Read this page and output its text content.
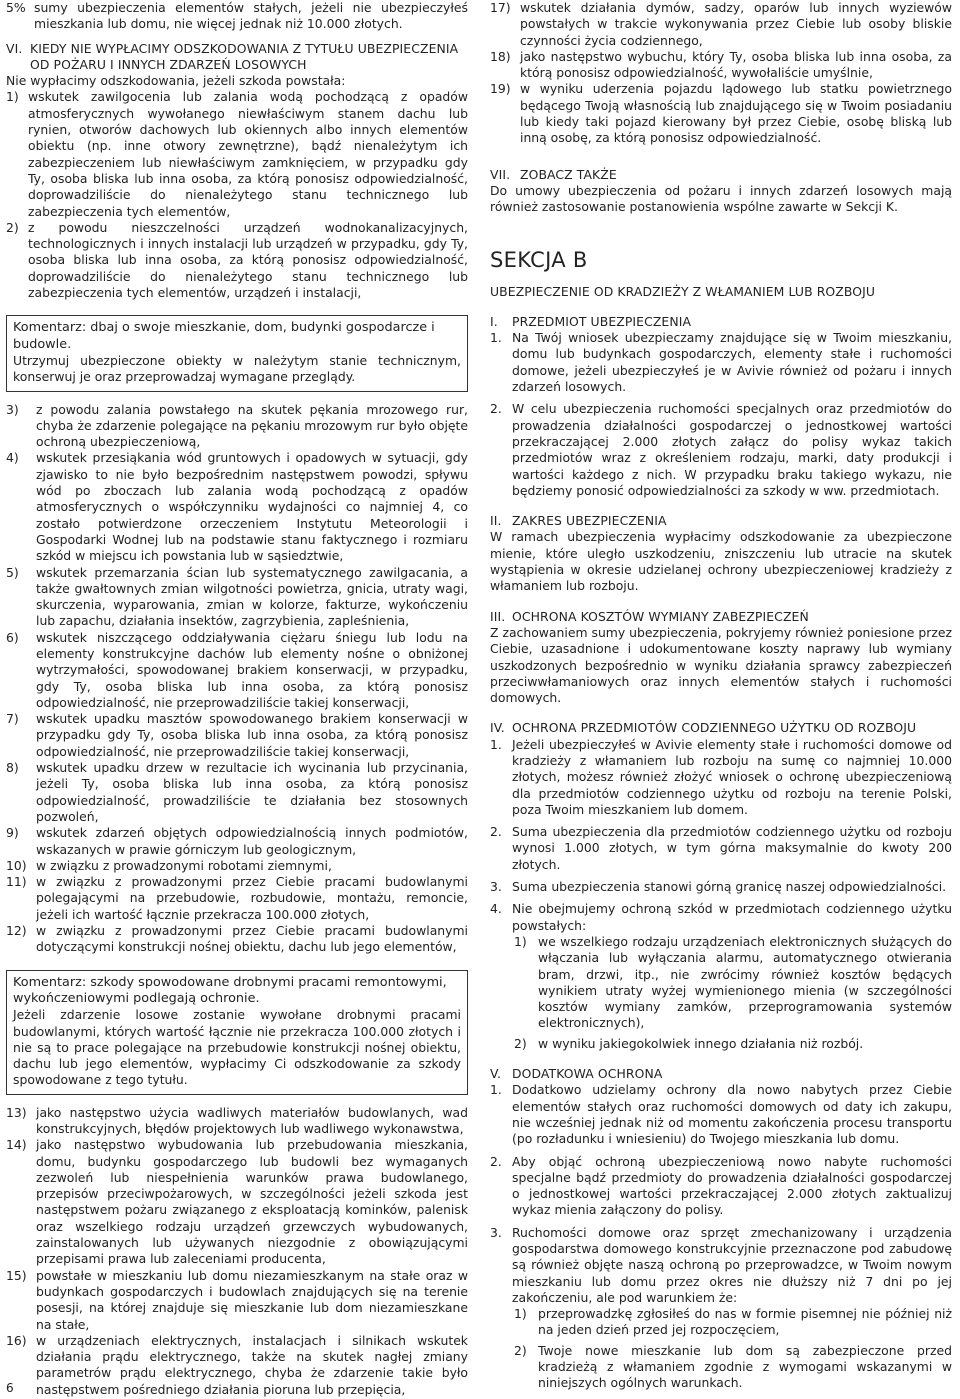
5% sumy ubezpieczenia elementów stałych, jeżeli nie ubezpieczyłeś mieszkania lub domu, nie więcej jednak niż 10.000 złotych.
VI. KIEDY NIE WYPŁACIMY ODSZKODOWANIA Z TYTUŁU UBEZPIECZENIA OD POŻARU I INNYCH ZDARZEŃ LOSOWYCH

Nie wypłacimy odszkodowania, jeżeli szkoda powstała:

1) wskutek zawilgocenia lub zalania wodą pochodzącą z opadów atmosferycznych wywołanego niewłaściwym stanem dachu lub rynien, otworów dachowych lub okiennych albo innych elementów obiektu (np. inne otwory zewnętrzne), bądź nienależytym ich zabezpieczeniem lub niewłaściwym zamknięciem, w przypadku gdy Ty, osoba bliska lub inna osoba, za którą ponosisz odpowiedzialność, doprowadziliście do nienależytego stanu technicznego lub zabezpieczenia tych elementów,
2) z powodu nieszczelności urządzeń wodnokanalizacyjnych, technologicznych i innych instalacji lub urządzeń w przypadku, gdy Ty, osoba bliska lub inna osoba, za którą ponosisz odpowiedzialność, doprowadziliście do nienależytego stanu technicznego lub zabezpieczenia tych elementów, urządzeń i instalacji,
Komentarz: dbaj o swoje mieszkanie, dom, budynki gospodarcze i budowle.

Utrzymuj ubezpieczone obiekty w należytym stanie technicznym, konserwuj je oraz przeprowadzaj wymagane przeglądy.

3)	z powodu zalania powstałego na skutek pękania mrozowego rur, chyba że zdarzenie polegające na pękaniu mrozowym rur było objęte ochroną ubezpieczeniową,
4)	wskutek przesiąkania wód gruntowych i opadowych w sytuacji, gdy zjawisko to nie było bezpośrednim następstwem powodzi, spływu wód po zboczach lub zalania wodą pochodzącą z opadów atmosferycznych o współczynniku wydajności co najmniej 4, co zostało potwierdzone orzeczeniem Instytutu Meteorologii i Gospodarki Wodnej lub na podstawie stanu faktycznego i rozmiaru szkód w miejscu ich powstania lub w sąsiedztwie,
5)	wskutek przemarzania ścian lub systematycznego zawilgacania, a także gwałtownych zmian wilgotności powietrza, gnicia, utraty wagi, skurczenia, wyparowania, zmian w kolorze, fakturze, wykończeniu lub zapachu, działania insektów, zagrzybienia, zapleśnienia,
6)	wskutek niszczącego oddziaływania ciężaru śniegu lub lodu na elementy konstrukcyjne dachów lub elementy nośne o obniżonej wytrzymałości, spowodowanej brakiem konserwacji, w przypadku, gdy Ty, osoba bliska lub inna osoba, za którą ponosisz odpowiedzialność, nie przeprowadziliście takiej konserwacji,
7)	wskutek upadku masztów spowodowanego brakiem konserwacji w przypadku gdy Ty, osoba bliska lub inna osoba, za którą ponosisz odpowiedzialność, nie przeprowadziliście takiej konserwacji,
8)	wskutek upadku drzew w rezultacie ich wycinania lub przycinania, jeżeli Ty, osoba bliska lub inna osoba, za którą ponosisz odpowiedzialność, prowadziliście te działania bez stosownych pozwoleń,
9)	wskutek zdarzeń objętych odpowiedzialnością innych podmiotów, wskazanych w prawie górniczym lub geologicznym,
10) w związku z prowadzonymi robotami ziemnymi,
11) w związku z prowadzonymi przez Ciebie pracami budowlanymi polegającymi na przebudowie, rozbudowie, montażu, remoncie, jeżeli ich wartość łącznie przekracza 100.000 złotych,
12) w związku z prowadzonymi przez Ciebie pracami budowlanymi dotyczącymi konstrukcji nośnej obiektu, dachu lub jego elementów,
Komentarz: szkody spowodowane drobnymi pracami remontowymi, wykończeniowymi podlegają ochronie.

Jeżeli zdarzenie losowe zostanie wywołane drobnymi pracami budowlanymi, których wartość łącznie nie przekracza 100.000 złotych i nie są to prace polegające na przebudowie konstrukcji nośnej obiektu, dachu lub jego elementów, wypłacimy Ci odszkodowanie za szkody spowodowane z tego tytułu.

13) jako następstwo użycia wadliwych materiałów budowlanych, wad konstrukcyjnych, błędów projektowych lub wadliwego wykonawstwa,
14) jako następstwo wybudowania lub przebudowania mieszkania, domu, budynku gospodarczego lub budowli bez wymaganych zezwoleń lub niespełnienia warunków prawa budowlanego, przepisów przeciwpożarowych, w szczególności jeżeli szkoda jest następstwem pożaru związanego z eksploatacją kominków, palenisk oraz wszelkiego rodzaju urządzeń grzewczych wybudowanych, zainstalowanych lub używanych niezgodnie z obowiązującymi przepisami prawa lub zaleceniami producenta,
15) powstałe w mieszkaniu lub domu niezamieszkanym na stałe oraz w budynkach gospodarczych i budowlach znajdujących się na terenie posesji, na której znajduje się mieszkanie lub dom niezamieszkane na stałe,
16) w urządzeniach elektrycznych, instalacjach i silnikach wskutek działania prądu elektrycznego, także na skutek nagłej zmiany parametrów prądu elektrycznego, chyba że zdarzenie takie było następstwem pośredniego działania pioruna lub przepięcia,
17) wskutek działania dymów, sadzy, oparów lub innych wyziewów powstałych w trakcie wykonywania przez Ciebie lub osoby bliskie czynności życia codziennego,
18) jako następstwo wybuchu, który Ty, osoba bliska lub inna osoba, za którą ponosisz odpowiedzialność, wywołaliście umyślnie,
19) w wyniku uderzenia pojazdu lądowego lub statku powietrznego będącego Twoją własnością lub znajdującego się w Twoim posiadaniu lub kiedy taki pojazd kierowany był przez Ciebie, osobę bliską lub inną osobę, za którą ponosisz odpowiedzialność.
VII. ZOBACZ TAKŻE

Do umowy ubezpieczenia od pożaru i innych zdarzeń losowych mają również zastosowanie postanowienia wspólne zawarte w Sekcji K.

SEKCJA B
UBEZPIECZENIE OD KRADZIEŻY Z WŁAMANIEM LUB ROZBOJU
I.	PRZEDMIOT UBEZPIECZENIA
1. Na Twój wniosek ubezpieczamy znajdujące się w Twoim mieszkaniu, domu lub budynkach gospodarczych, elementy stałe i ruchomości domowe, jeżeli ubezpieczyłeś je w Avivie również od pożaru i innych zdarzeń losowych.
2. W celu ubezpieczenia ruchomości specjalnych oraz przedmiotów do prowadzenia działalności gospodarczej o jednostkowej wartości przekraczającej 2.000 złotych załącz do polisy wykaz takich przedmiotów wraz z określeniem rodzaju, marki, daty produkcji i wartości każdego z nich. W przypadku braku takiego wykazu, nie będziemy ponosić odpowiedzialności za szkody w ww. przedmiotach.
II. ZAKRES UBEZPIECZENIA

W ramach ubezpieczenia wypłacimy odszkodowanie za ubezpieczone mienie, które uległo uszkodzeniu, zniszczeniu lub utracie na skutek wystąpienia w okresie udzielanej ochrony ubezpieczeniowej kradzieży z włamaniem lub rozboju.

III. OCHRONA KOSZTÓW WYMIANY ZABEZPIECZEŃ

Z zachowaniem sumy ubezpieczenia, pokryjemy również poniesione przez Ciebie, uzasadnione i udokumentowane koszty naprawy lub wymiany uszkodzonych bezpośrednio w wyniku działania sprawcy zabezpieczeń przeciwwłamaniowych oraz innych elementów stałych i ruchomości domowych.

IV. OCHRONA PRZEDMIOTÓW CODZIENNEGO UŻYTKU OD ROZBOJU
1. Jeżeli ubezpieczyłeś w Avivie elementy stałe i ruchomości domowe od kradzieży z włamaniem lub rozboju na sumę co najmniej 10.000 złotych, możesz również złożyć wniosek o ochronę ubezpieczeniową dla przedmiotów codziennego użytku od rozboju na terenie Polski, poza Twoim mieszkaniem lub domem.
2. Suma ubezpieczenia dla przedmiotów codziennego użytku od rozboju wynosi 1.000 złotych, w tym górna maksymalnie do kwoty 200 złotych.
3. Suma ubezpieczenia stanowi górną granicę naszej odpowiedzialności.
4. Nie obejmujemy ochroną szkód w przedmiotach codziennego użytku powstałych:
1) we wszelkiego rodzaju urządzeniach elektronicznych służących do włączania lub wyłączania alarmu, automatycznego otwierania bram, drzwi, itp., nie zwrócimy również kosztów będących wynikiem utraty wyżej wymienionego mienia (w szczególności kosztów wymiany zamków, przeprogramowania systemów elektronicznych),
2) w wyniku jakiegokolwiek innego działania niż rozbój.
V. DODATKOWA OCHRONA
1. Dodatkowo udzielamy ochrony dla nowo nabytych przez Ciebie elementów stałych oraz ruchomości domowych od daty ich zakupu, nie wcześniej jednak niż od momentu zakończenia procesu transportu (po rozładunku i wniesieniu) do Twojego mieszkania lub domu.
2. Aby objąć ochroną ubezpieczeniową nowo nabyte ruchomości specjalne bądź przedmioty do prowadzenia działalności gospodarczej o jednostkowej wartości przekraczającej 2.000 złotych zaktualizuj wykaz mienia załączony do polisy.
3. Ruchomości domowe oraz sprzęt zmechanizowany i urządzenia gospodarstwa domowego konstrukcyjnie przeznaczone pod zabudowę są również objęte naszą ochroną po przeprowadzce, w Twoim nowym mieszkaniu lub domu przez okres nie dłuższy niż 7 dni po jej zakończeniu, ale pod warunkiem że:
1) przeprowadzkę zgłosiłeś do nas w formie pisemnej nie później niż na jeden dzień przed jej rozpoczęciem,
2) Twoje nowe mieszkanie lub dom są zabezpieczone przed kradzieżą z włamaniem zgodnie z wymogami wskazanymi w niniejszych ogólnych warunkach.
6
